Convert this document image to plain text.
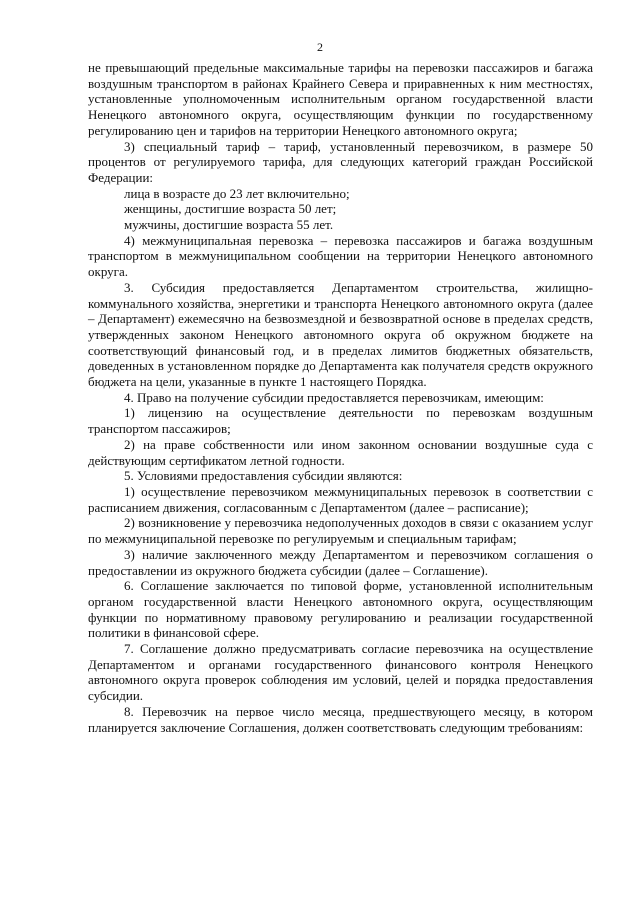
2

не превышающий предельные максимальные тарифы на перевозки пассажиров и багажа воздушным транспортом в районах Крайнего Севера и приравненных к ним местностях, установленные уполномоченным исполнительным органом государственной власти Ненецкого автономного округа, осуществляющим функции по государственному регулированию цен и тарифов на территории Ненецкого автономного округа;

3) специальный тариф – тариф, установленный перевозчиком, в размере 50 процентов от регулируемого тарифа, для следующих категорий граждан Российской Федерации:

лица в возрасте до 23 лет включительно;

женщины, достигшие возраста 50 лет;

мужчины, достигшие возраста 55 лет.

4) межмуниципальная перевозка – перевозка пассажиров и багажа воздушным транспортом в межмуниципальном сообщении на территории Ненецкого автономного округа.

3. Субсидия предоставляется Департаментом строительства, жилищно-коммунального хозяйства, энергетики и транспорта Ненецкого автономного округа (далее – Департамент) ежемесячно на безвозмездной и безвозвратной основе в пределах средств, утвержденных законом Ненецкого автономного округа об окружном бюджете на соответствующий финансовый год, и в пределах лимитов бюджетных обязательств, доведенных в установленном порядке до Департамента как получателя средств окружного бюджета на цели, указанные в пункте 1 настоящего Порядка.

4. Право на получение субсидии предоставляется перевозчикам, имеющим:

1) лицензию на осуществление деятельности по перевозкам воздушным транспортом пассажиров;

2) на праве собственности или ином законном основании воздушные суда с действующим сертификатом летной годности.

5. Условиями предоставления субсидии являются:

1) осуществление перевозчиком межмуниципальных перевозок в соответствии с расписанием движения, согласованным с Департаментом (далее – расписание);

2) возникновение у перевозчика недополученных доходов в связи с оказанием услуг по межмуниципальной перевозке по регулируемым и специальным тарифам;

3) наличие заключенного между Департаментом и перевозчиком соглашения о предоставлении из окружного бюджета субсидии (далее – Соглашение).

6. Соглашение заключается по типовой форме, установленной исполнительным органом государственной власти Ненецкого автономного округа, осуществляющим функции по нормативному правовому регулированию и реализации государственной политики в финансовой сфере.

7. Соглашение должно предусматривать согласие перевозчика на осуществление Департаментом и органами государственного финансового контроля Ненецкого автономного округа проверок соблюдения им условий, целей и порядка предоставления субсидии.

8. Перевозчик на первое число месяца, предшествующего месяцу, в котором планируется заключение Соглашения, должен соответствовать следующим требованиям:
